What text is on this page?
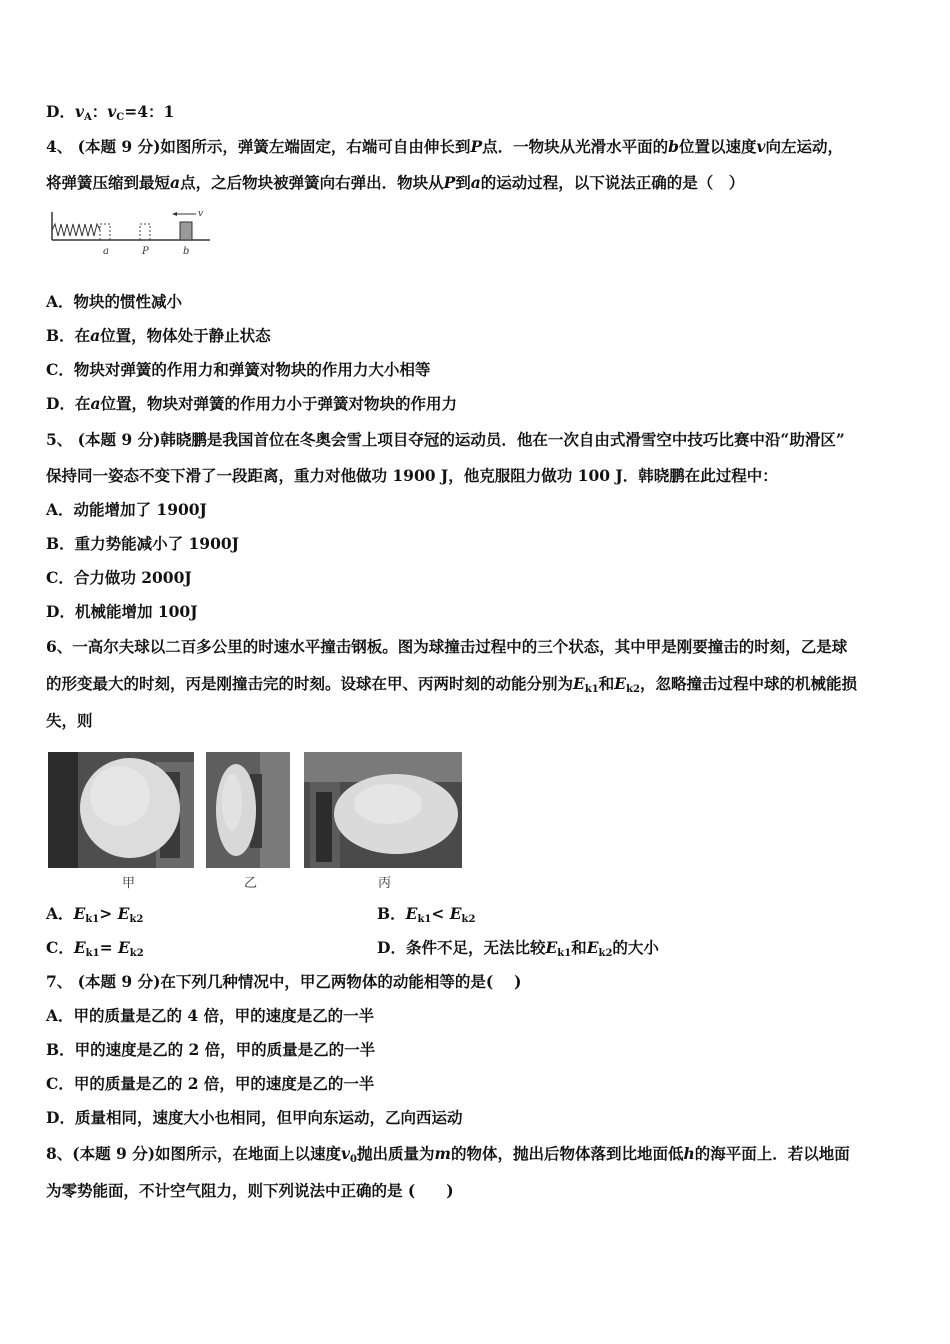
D．$v_A$：$v_C=4$：1
4、 (本题 9 分)如图所示，弹簧左端固定，右端可自由伸长到P点．一物块从光滑水平面的b位置以速度v向左运动，
将弹簧压缩到最短a点，之后物块被弹簧向右弹出．物块从P到a的运动过程，以下说法正确的是（　）
v
a	P	b
A．物块的惯性减小
B．在a位置，物体处于静止状态
C．物块对弹簧的作用力和弹簧对物块的作用力大小相等
D．在a位置，物块对弹簧的作用力小于弹簧对物块的作用力
5、 (本题 9 分)韩晓鹏是我国首位在冬奥会雪上项目夺冠的运动员．他在一次自由式滑雪空中技巧比赛中沿“助滑区”
保持同一姿态不变下滑了一段距离，重力对他做功 1900 J，他克服阻力做功 100 J．韩晓鹏在此过程中：
A．动能增加了 1900J
B．重力势能减小了 1900J
C．合力做功 2000J
D．机械能增加 100J
6、一高尔夫球以二百多公里的时速水平撞击钢板。图为球撞击过程中的三个状态，其中甲是刚要撞击的时刻，乙是球
的形变最大的时刻，丙是刚撞击完的时刻。设球在甲、丙两时刻的动能分别为$E_{k1}$和$E_{k2}$，忽略撞击过程中球的机械能损
失，则
甲	乙	丙
A．$E_{k1}> E_{k2}$	B．$E_{k1}< E_{k2}$
C．$E_{k1}= E_{k2}$	D．条件不足，无法比较$E_{k1}$和$E_{k2}$的大小
7、 (本题 9 分)在下列几种情况中，甲乙两物体的动能相等的是(　 )
A．甲的质量是乙的 4 倍，甲的速度是乙的一半
B．甲的速度是乙的 2 倍，甲的质量是乙的一半
C．甲的质量是乙的 2 倍，甲的速度是乙的一半
D．质量相同，速度大小也相同，但甲向东运动，乙向西运动
8、(本题 9 分)如图所示，在地面上以速度$v_0$抛出质量为m的物体，抛出后物体落到比地面低h的海平面上．若以地面
为零势能面，不计空气阻力，则下列说法中正确的是 (　　)
